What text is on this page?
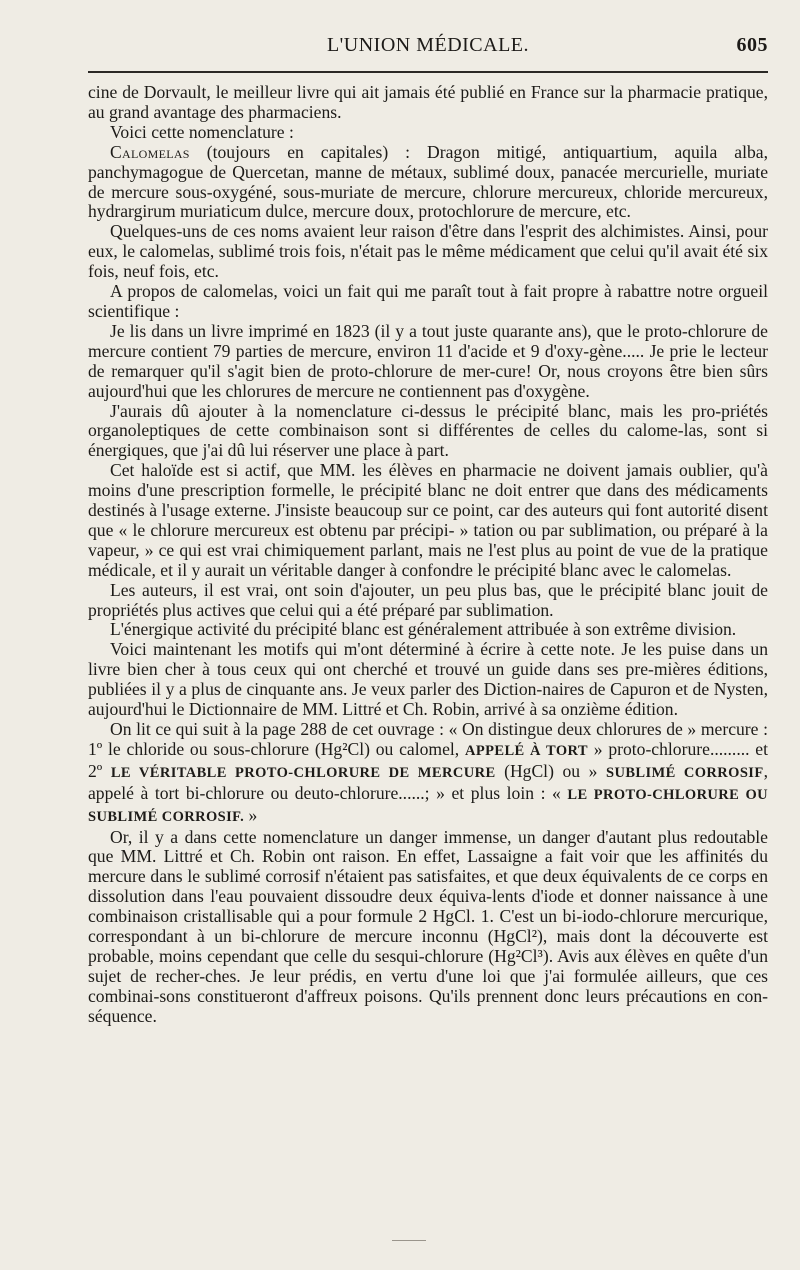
L'UNION MÉDICALE.	605

cine de Dorvault, le meilleur livre qui ait jamais été publié en France sur la pharmacie pratique, au grand avantage des pharmaciens.

Voici cette nomenclature :

Calomelas (toujours en capitales) : Dragon mitigé, antiquartium, aquila alba, panchymagogue de Quercetan, manne de métaux, sublimé doux, panacée mercurielle, muriate de mercure sous-oxygéné, sous-muriate de mercure, chlorure mercureux, chloride mercureux, hydrargirum muriaticum dulce, mercure doux, protochlorure de mercure, etc.

Quelques-uns de ces noms avaient leur raison d'être dans l'esprit des alchimistes. Ainsi, pour eux, le calomelas, sublimé trois fois, n'était pas le même médicament que celui qu'il avait été six fois, neuf fois, etc.

A propos de calomelas, voici un fait qui me paraît tout à fait propre à rabattre notre orgueil scientifique :

Je lis dans un livre imprimé en 1823 (il y a tout juste quarante ans), que le proto-chlorure de mercure contient 79 parties de mercure, environ 11 d'acide et 9 d'oxy-gène..... Je prie le lecteur de remarquer qu'il s'agit bien de proto-chlorure de mer-cure! Or, nous croyons être bien sûrs aujourd'hui que les chlorures de mercure ne contiennent pas d'oxygène.

J'aurais dû ajouter à la nomenclature ci-dessus le précipité blanc, mais les pro-priétés organoleptiques de cette combinaison sont si différentes de celles du calome-las, sont si énergiques, que j'ai dû lui réserver une place à part.

Cet haloïde est si actif, que MM. les élèves en pharmacie ne doivent jamais oublier, qu'à moins d'une prescription formelle, le précipité blanc ne doit entrer que dans des médicaments destinés à l'usage externe. J'insiste beaucoup sur ce point, car des auteurs qui font autorité disent que « le chlorure mercureux est obtenu par précipi- » tation ou par sublimation, ou préparé à la vapeur, » ce qui est vrai chimiquement parlant, mais ne l'est plus au point de vue de la pratique médicale, et il y aurait un véritable danger à confondre le précipité blanc avec le calomelas.

Les auteurs, il est vrai, ont soin d'ajouter, un peu plus bas, que le précipité blanc jouit de propriétés plus actives que celui qui a été préparé par sublimation.

L'énergique activité du précipité blanc est généralement attribuée à son extrême division.

Voici maintenant les motifs qui m'ont déterminé à écrire à cette note. Je les puise dans un livre bien cher à tous ceux qui ont cherché et trouvé un guide dans ses pre-mières éditions, publiées il y a plus de cinquante ans. Je veux parler des Diction-naires de Capuron et de Nysten, aujourd'hui le Dictionnaire de MM. Littré et Ch. Robin, arrivé à sa onzième édition.

On lit ce qui suit à la page 288 de cet ouvrage : « On distingue deux chlorures de » mercure : 1º le chloride ou sous-chlorure (Hg²Cl) ou calomel, APPELÉ À TORT » proto-chlorure......... et 2º LE VÉRITABLE PROTO-CHLORURE DE MERCURE (HgCl) ou » SUBLIMÉ CORROSIF, appelé à tort bi-chlorure ou deuto-chlorure......; » et plus loin : « LE PROTO-CHLORURE OU SUBLIMÉ CORROSIF. »

Or, il y a dans cette nomenclature un danger immense, un danger d'autant plus redoutable que MM. Littré et Ch. Robin ont raison. En effet, Lassaigne a fait voir que les affinités du mercure dans le sublimé corrosif n'étaient pas satisfaites, et que deux équivalents de ce corps en dissolution dans l'eau pouvaient dissoudre deux équiva-lents d'iode et donner naissance à une combinaison cristallisable qui a pour formule 2 HgCl. 1. C'est un bi-iodo-chlorure mercurique, correspondant à un bi-chlorure de mercure inconnu (HgCl²), mais dont la découverte est probable, moins cependant que celle du sesqui-chlorure (Hg²Cl³). Avis aux élèves en quête d'un sujet de recher-ches. Je leur prédis, en vertu d'une loi que j'ai formulée ailleurs, que ces combinai-sons constitueront d'affreux poisons. Qu'ils prennent donc leurs précautions en con-séquence.
